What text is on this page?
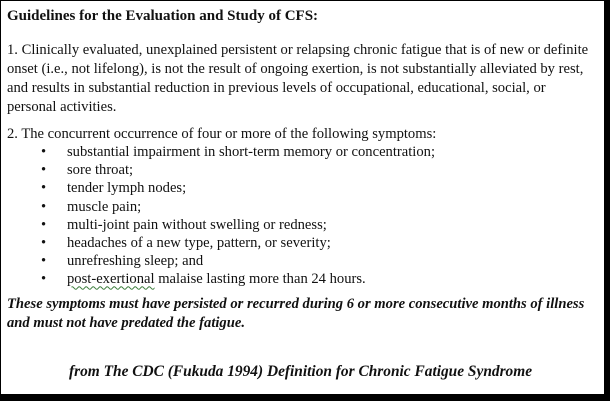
Guidelines for the Evaluation and Study of CFS:
1. Clinically evaluated, unexplained persistent or relapsing chronic fatigue that is of new or definite onset (i.e., not lifelong), is not the result of ongoing exertion, is not substantially alleviated by rest, and results in substantial reduction in previous levels of occupational, educational, social, or personal activities.
2. The concurrent occurrence of four or more of the following symptoms:
• substantial impairment in short-term memory or concentration;
• sore throat;
• tender lymph nodes;
• muscle pain;
• multi-joint pain without swelling or redness;
• headaches of a new type, pattern, or severity;
• unrefreshing sleep; and
• post-exertional malaise lasting more than 24 hours.
These symptoms must have persisted or recurred during 6 or more consecutive months of illness and must not have predated the fatigue.
from The CDC (Fukuda 1994) Definition for Chronic Fatigue Syndrome
